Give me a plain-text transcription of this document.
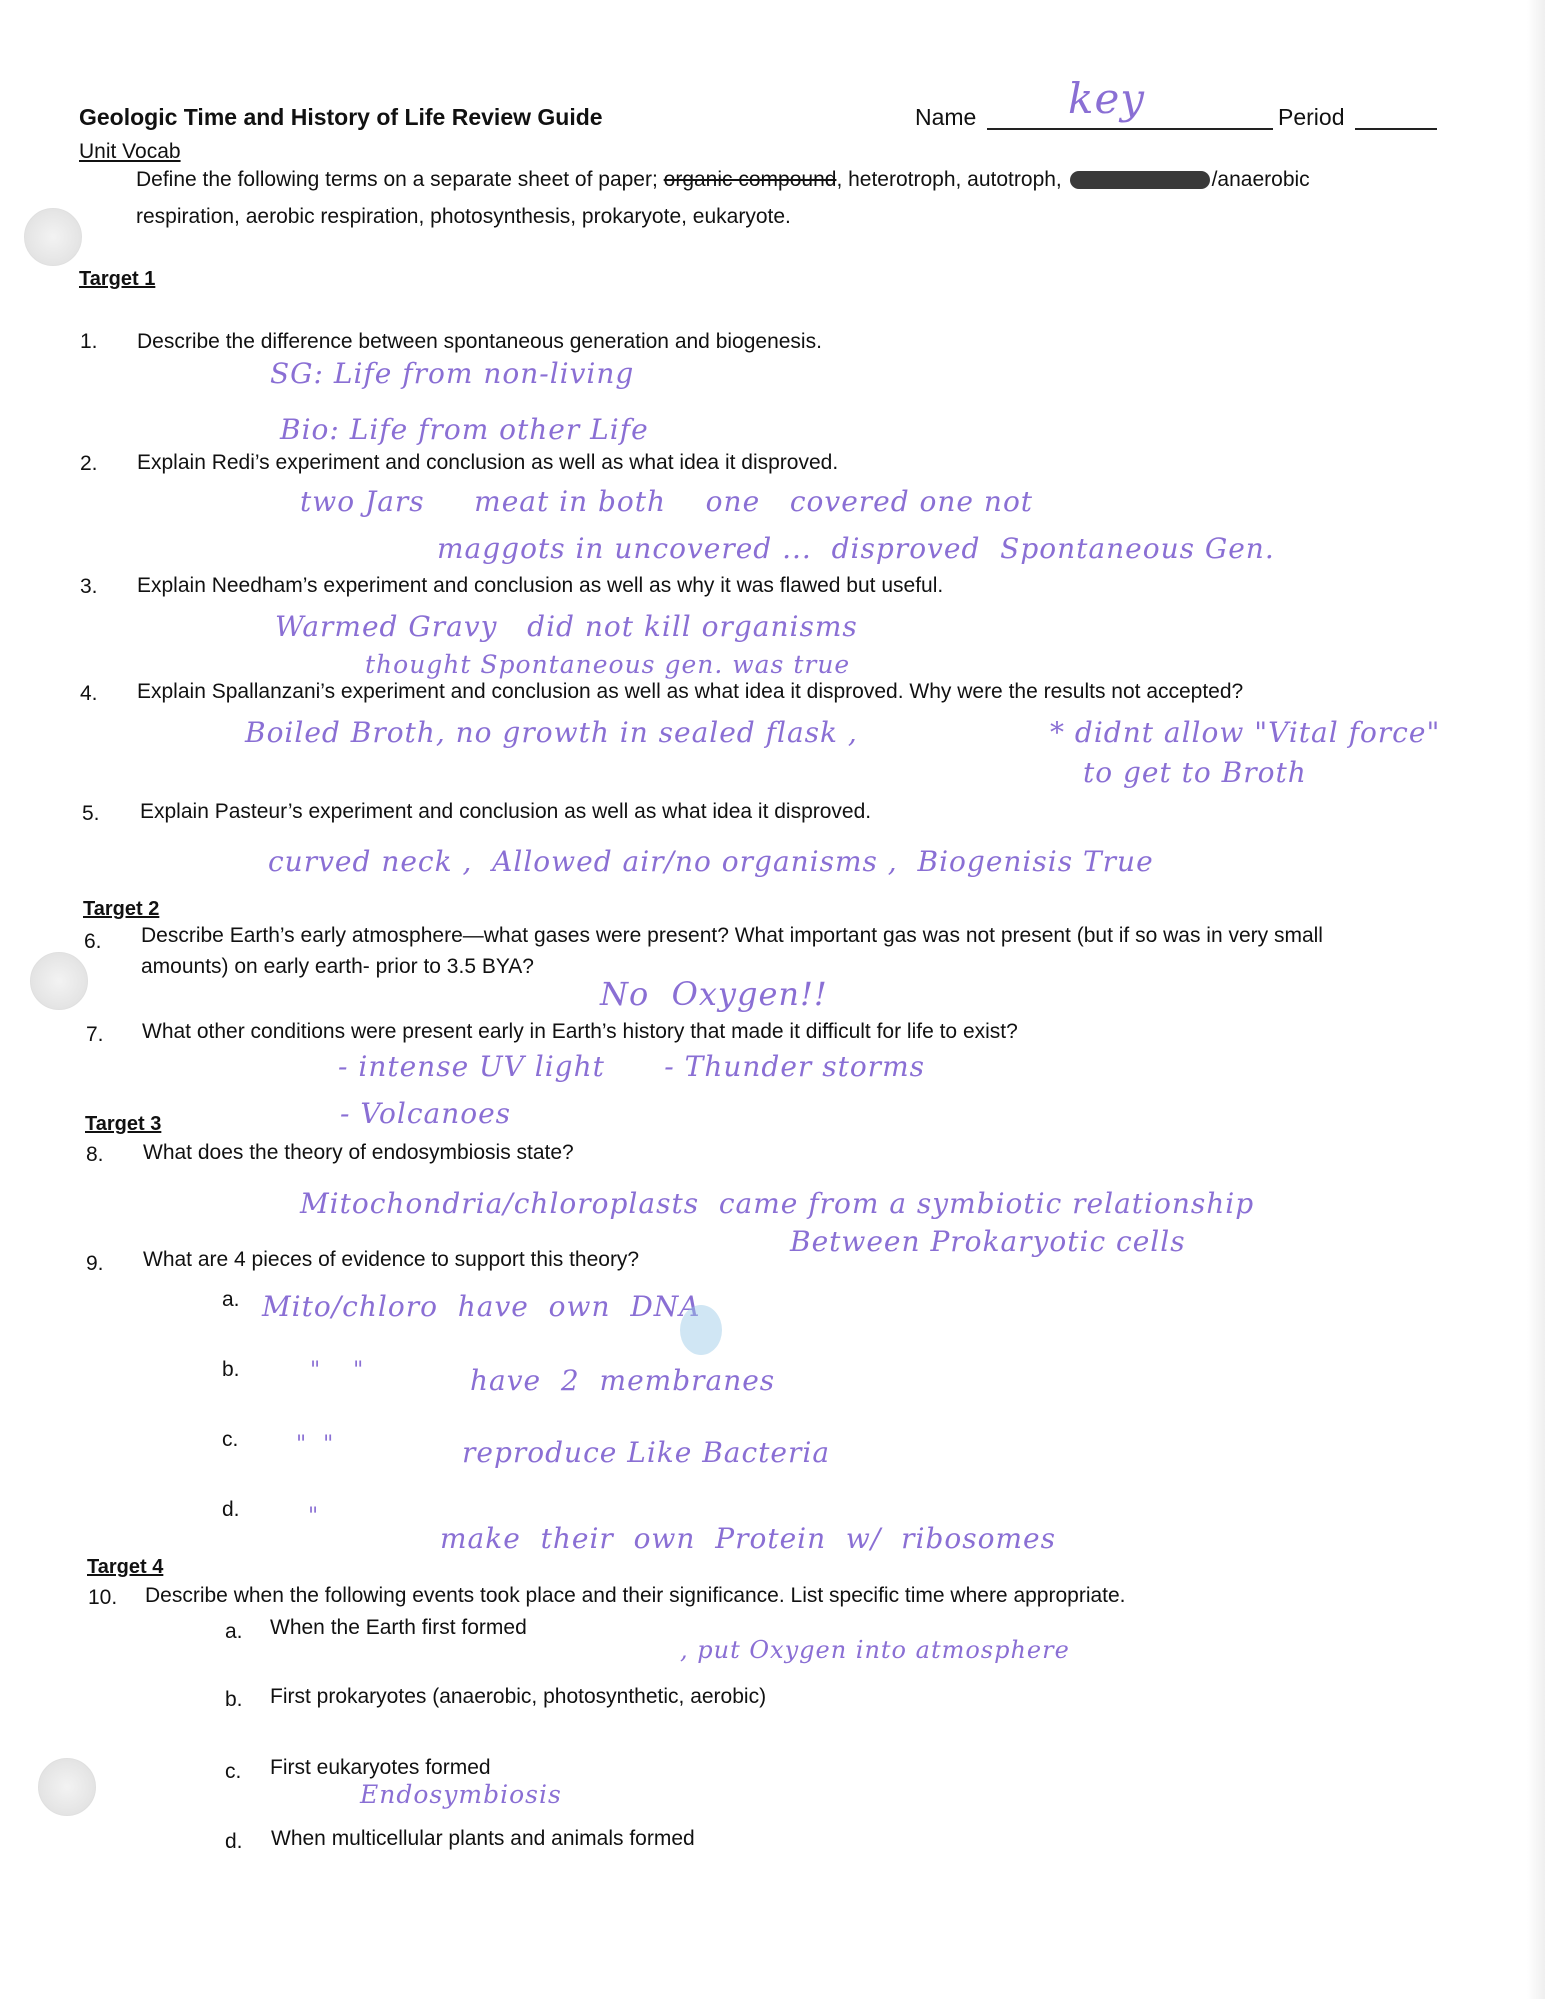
Geologic Time and History of Life Review Guide	Name key	Period
Unit Vocab
Define the following terms on a separate sheet of paper; organic compound, heterotroph, autotroph,	/anaerobic
respiration, aerobic respiration, photosynthesis, prokaryote, eukaryote.
Target 1
1. Describe the difference between spontaneous generation and biogenesis.
SG: Life from non-living
Bio: Life from other Life
2. Explain Redi’s experiment and conclusion as well as what idea it disproved.
two Jars     meat in both    one   covered one not
maggots in uncovered ...  disproved  Spontaneous Gen.
3. Explain Needham’s experiment and conclusion as well as why it was flawed but useful.
Warmed Gravy   did not kill organisms
thought Spontaneous gen. was true
4. Explain Spallanzani’s experiment and conclusion as well as what idea it disproved. Why were the results not accepted?
Boiled Broth, no growth in sealed flask ,	* didnt allow "Vital force"
to get to Broth
5. Explain Pasteur’s experiment and conclusion as well as what idea it disproved.
curved neck ,  Allowed air/no organisms ,  Biogenisis True
Target 2
6. Describe Earth’s early atmosphere—what gases were present? What important gas was not present (but if so was in very small
amounts) on early earth- prior to 3.5 BYA?
No  Oxygen!!
7. What other conditions were present early in Earth’s history that made it difficult for life to exist?
- intense UV light      - Thunder storms
- Volcanoes
Target 3
8. What does the theory of endosymbiosis state?
Mitochondria/chloroplasts  came from a symbiotic relationship
Between Prokaryotic cells
9. What are 4 pieces of evidence to support this theory?
a. Mito/chloro  have  own  DNA
b.	"    "	have  2  membranes
c.	"  "	reproduce Like Bacteria
d.	"
make  their  own  Protein  w/  ribosomes
Target 4
10. Describe when the following events took place and their significance. List specific time where appropriate.
a. When the Earth first formed
, put Oxygen into atmosphere
b. First prokaryotes (anaerobic, photosynthetic, aerobic)
c. First eukaryotes formed
Endosymbiosis
d. When multicellular plants and animals formed
